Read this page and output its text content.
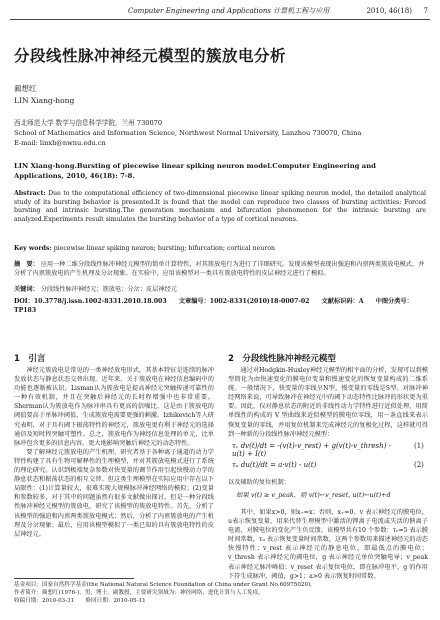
Computer Engineering and Applications 计算机工程与应用	2010, 46(18) 7
分段线性脉冲神经元模型的簇放电分析
蔺想红
LIN Xiang-hong
西北师范大学 数学与信息科学学院，兰州 730070
School of Mathematics and Information Science, Northwest Normal University, Lanzhou 730070, China
E-mail: linxh@nwnu.edu.cn
LIN Xiang-hong.Bursting of piecewise linear spiking neuron model.Computer Engineering and Applications, 2010, 46(18): 7-8.
Abstract: Due to the computational efficiency of two-dimensional piecewise linear spiking neuron model, the detailed analytical study of its bursting behavior is presented.It is found that the model can reproduce two classes of bursting activities: Forced bursting and intrinsic bursting.The generation mechanism and bifurcation phenomenon for the intrinsic bursting are analyzed.Experiments result simulates the bursting behavior of a type of cortical neurons.
Key words: piecewise linear spiking neuron; bursting; bifurcation; cortical neuron
摘　要： 应用一种二维分段线性脉冲神经元模型的简单计算特性，对其簇放电行为进行了详细研究。发现该模型表现出强迫和内禀两类簇放电模式，并分析了内禀簇放电的产生机理及分岔现象。在实验中，应用该模型对一类具有簇放电特性的皮层神经元进行了模拟。
关键词： 分段线性脉冲神经元；簇放电；分岔；皮层神经元
DOI：10.3778/j.issn.1002-8331.2010.18.003 文章编号：1002-8331(2010)18-0007-02 文献标识码：A 中图分类号：TP183
1　引言

神经元簇放电是常见的一类神经放电形式，其基本特征是连续的脉冲发放状态与静息状态交替出现。近年来，关于簇放电在神经信息编码中的功能也逐渐被认识。Lisman认为簇放电是提高神经元突触传递可靠性的一种有效机制，并且在突触后神经元的长时程增强中也非常重要。Sherman认为簇放电作为脉冲串具有更高的信噪比，这是由于簇放电的阈值要高于单脉冲阈值，生成簇放电需要更强的刺激。Izhikevich等人研究表明，对于具有阈下振荡特性的神经元，簇放电更有利于神经元的选择通信及短时程突触可塑性。总之，簇放电作为神经信息处理的单元，比单脉冲包含更多的信息内容，更大地影响突触后神经元的动态特性。

要了解神经元簇放电的产生机理，研究者基于各种离子通道的动力学特性构建了具有生物可解释性的生理模型，并对其簇放电模式进行了系统的理论研究。认识到极端复杂参数对快变量的调节作用引起快慢动力学的静息状态和振荡状态的相互交替。但这类生理模型在实际应用中存在以下局限性：(1)计算量较大，很难实现大规模脉冲神经网络的模拟；(2)变量和参数较多，对于其中的问题虽然有很多文献做出探讨，但是一种分段线性脉冲神经元模型的簇放电，研究了该模型的簇放电特性。首先，分析了该模型的强迫和内禀两类簇放电模式；然后，分析了内禀簇放电的产生机理及分岔现象；最后，应用该模型模拟了一类已知的具有簇放电特性的皮层神经元。

2　分段线性脉冲神经元模型

通过对Hodgkin-Huxley神经元模型的相平面的分析，发现可以将模型简化为由快速变化的膜电位变量和慢速变化的恢复变量构成的二维系统。一般情况下，快变量的零线呈N型，慢变量的零线是S型。对脉冲神经网络来说，可导致脉冲在神经元中的阈下动态特性比脉冲的形状更为重要。因此，仅对静息状态的附近的非线性动力学特性进行近似处理，用简单线性的构成的 V 型曲线来近似模型的膜电位零线，用一条直线来表示恢复变量的零线，并用复位机制来完成神经元的复极化过程，这样就可得到一种新的分段线性脉冲神经元模型：

τᵥ dv(t)/dt = -(v(t)-v_rest) + g(v(t)-v_thresh) - u(t) + I(t)
(1)
τᵤ du(t)/dt = a·v(t) - u(t)	(2)
以及辅助的复位机制：
如果 v(t) ≥ v_peak，则 v(t)←v_reset, u(t)←u(t)+d

其中，如果x>0，则x₊=x；否则，x₊=0。v 表示神经元的膜电位，u表示恢复变量，用来代替生理模型中激活的钾离子电流或失活的钠离子电流，对膜电位的变化产生负反馈。该模型共有10 个参数：τᵥ=5 表示膜时间常数，τᵤ 表示恢复变量时间常数，这两个参数用来描述神经元的动态快慢特性；v_rest 表示神经元的静息电位，即最低点的膜电位；v_thresh 表示神经元的阈电位，g 表示神经元单位突触电导；v_peak 表示神经元脉冲峰值；v_reset 表示复位电位，即在脉冲电平，g 的作用下符生成脉冲，阈值，g>1；a>0 表示恢复时间常数。

基金项目：国家自然科学基金(the National Natural Science Foundation of China under Grant No.60975020)。
作者简介：蔺想红(1976-)，男，博士，副教授，主要研究领域为：神经网络，进化计算与人工免疫。
收稿日期：2010-03-31　　修回日期：2010-05-11
